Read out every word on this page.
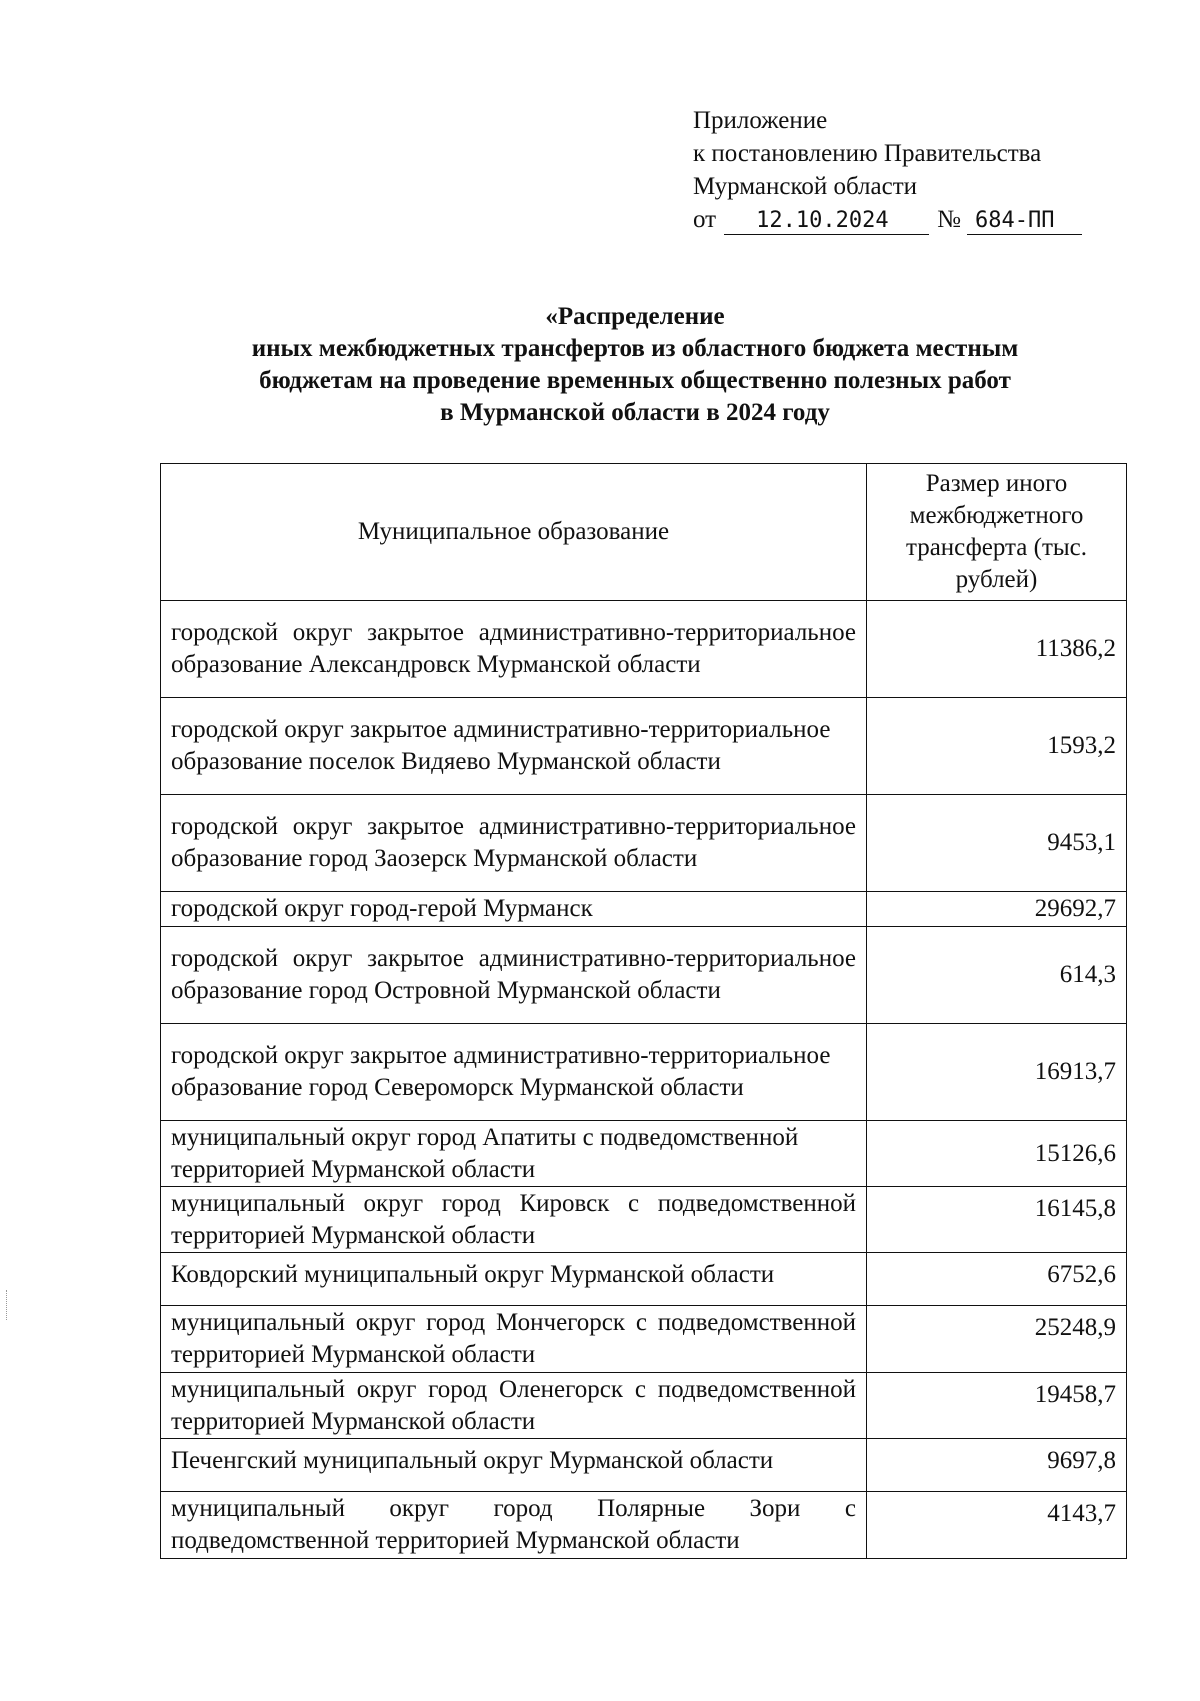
Приложение
к постановлению Правительства
Мурманской области
от	12.10.2024	№ 684-ПП
«Распределение
иных межбюджетных трансфертов из областного бюджета местным
бюджетам на проведение временных общественно полезных работ
в Мурманской области в 2024 году
Муниципальное образование	Размер иного межбюджетного трансферта (тыс. рублей)
городской округ закрытое административно-территориальное образование Александровск Мурманской области	11386,2
городской округ закрытое административно-территориальное образование поселок Видяево Мурманской области	1593,2
городской округ закрытое административно-территориальное образование город Заозерск Мурманской области	9453,1
городской округ город-герой Мурманск	29692,7
городской округ закрытое административно-территориальное образование город Островной Мурманской области	614,3
городской округ закрытое административно-территориальное образование город Североморск Мурманской области	16913,7
муниципальный округ город Апатиты с подведомственной территорией Мурманской области	15126,6
муниципальный округ город Кировск с подведомственной территорией Мурманской области	16145,8
Ковдорский муниципальный округ Мурманской области	6752,6
муниципальный округ город Мончегорск с подведомственной территорией Мурманской области	25248,9
муниципальный округ город Оленегорск с подведомственной территорией Мурманской области	19458,7
Печенгский муниципальный округ Мурманской области	9697,8
муниципальный округ город Полярные Зори с подведомственной территорией Мурманской области	4143,7
